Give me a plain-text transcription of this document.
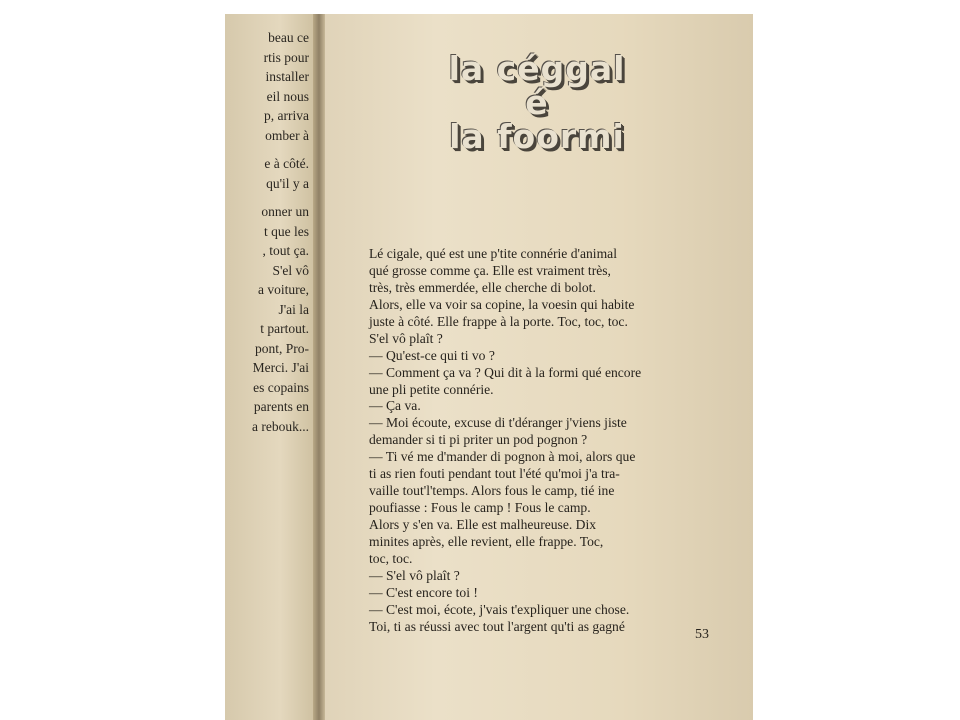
beau ce
rtis pour
installer
eil nous
p, arriva
omber à
e à côté.
qu'il y a
onner un
t que les
, tout ça.
S'el vô
a voiture,
J'ai la
t partout.
pont, Pro-
Merci. J'ai
es copains
parents en
a rebouk...
la céggal
é
la foormi
Lé cigale, qué est une p'tite connérie d'animal
qué grosse comme ça. Elle est vraiment très,
très, très emmerdée, elle cherche di bolot.
Alors, elle va voir sa copine, la voesin qui habite
juste à côté. Elle frappe à la porte. Toc, toc, toc.
S'el vô plaît ?
— Qu'est-ce qui ti vo ?
— Comment ça va ? Qui dit à la formi qué encore
une pli petite connérie.
— Ça va.
— Moi écoute, excuse di t'déranger j'viens jiste
demander si ti pi priter un pod pognon ?
— Ti vé me d'mander di pognon à moi, alors que
ti as rien fouti pendant tout l'été qu'moi j'a tra-
vaille tout'l'temps. Alors fous le camp, tié ine
poufiasse : Fous le camp ! Fous le camp.
Alors y s'en va. Elle est malheureuse. Dix
minites après, elle revient, elle frappe. Toc,
toc, toc.
— S'el vô plaît ?
— C'est encore toi !
— C'est moi, écote, j'vais t'expliquer une chose.
Toi, ti as réussi avec tout l'argent qu'ti as gagné
53
